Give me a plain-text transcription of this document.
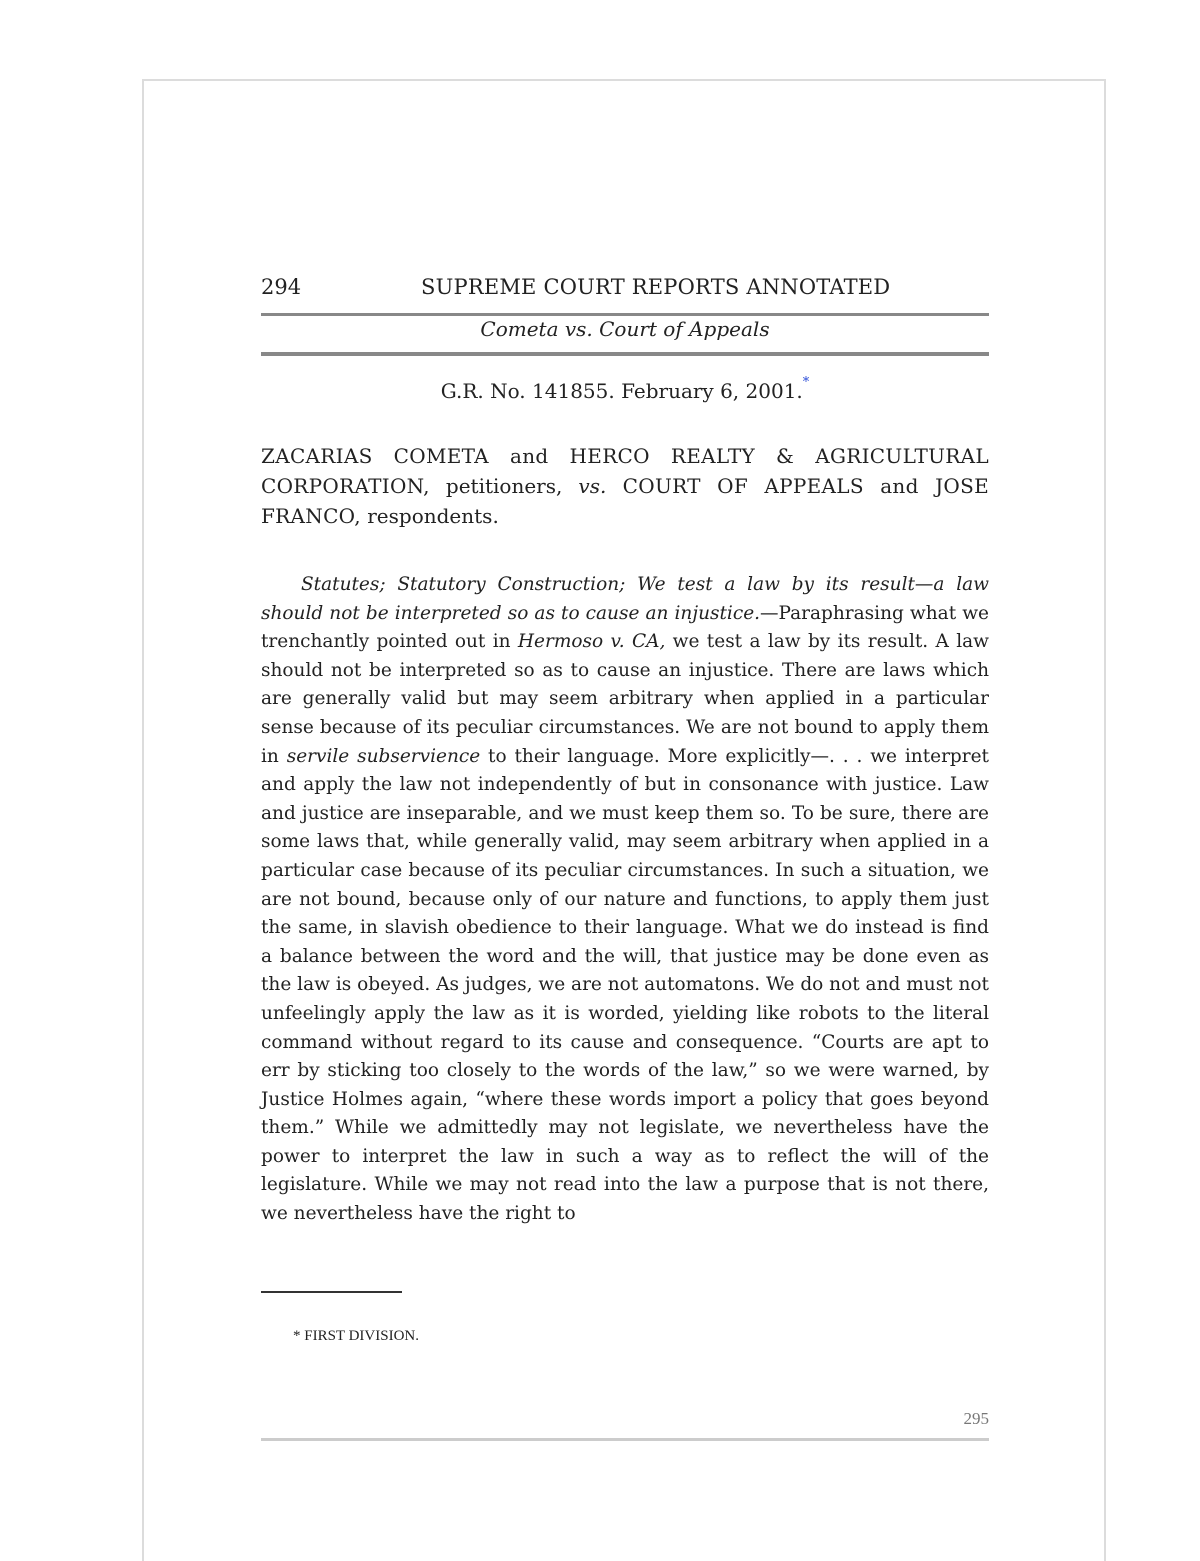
294	SUPREME COURT REPORTS ANNOTATED
Cometa vs. Court of Appeals
G.R. No. 141855. February 6, 2001.*
ZACARIAS COMETA and HERCO REALTY & AGRICULTURAL CORPORATION, petitioners, vs. COURT OF APPEALS and JOSE FRANCO, respondents.

Statutes; Statutory Construction; We test a law by its result—a law should not be interpreted so as to cause an injustice.—Paraphrasing what we trenchantly pointed out in Hermoso v. CA, we test a law by its result. A law should not be interpreted so as to cause an injustice. There are laws which are generally valid but may seem arbitrary when applied in a particular sense because of its peculiar circumstances. We are not bound to apply them in servile subservience to their language. More explicitly—. . . we interpret and apply the law not independently of but in consonance with justice. Law and justice are inseparable, and we must keep them so. To be sure, there are some laws that, while generally valid, may seem arbitrary when applied in a particular case because of its peculiar circumstances. In such a situation, we are not bound, because only of our nature and functions, to apply them just the same, in slavish obedience to their language. What we do instead is find a balance between the word and the will, that justice may be done even as the law is obeyed. As judges, we are not automatons. We do not and must not unfeelingly apply the law as it is worded, yielding like robots to the literal command without regard to its cause and consequence. “Courts are apt to err by sticking too closely to the words of the law,” so we were warned, by Justice Holmes again, “where these words import a policy that goes beyond them.” While we admittedly may not legislate, we nevertheless have the power to interpret the law in such a way as to reflect the will of the legislature. While we may not read into the law a purpose that is not there, we nevertheless have the right to

* FIRST DIVISION.
295
